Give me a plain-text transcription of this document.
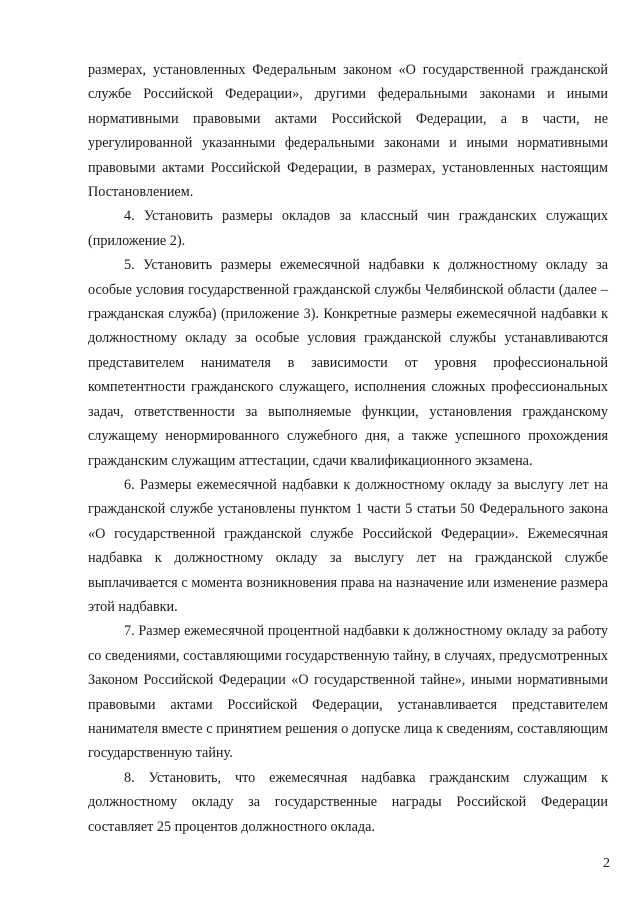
размерах, установленных Федеральным законом «О государственной гражданской службе Российской Федерации», другими федеральными законами и иными нормативными правовыми актами Российской Федерации, а в части, не урегулированной указанными федеральными законами и иными нормативными правовыми актами Российской Федерации, в размерах, установленных настоящим Постановлением.

4. Установить размеры окладов за классный чин гражданских служащих (приложение 2).

5. Установить размеры ежемесячной надбавки к должностному окладу за особые условия государственной гражданской службы Челябинской области (далее – гражданская служба) (приложение 3). Конкретные размеры ежемесячной надбавки к должностному окладу за особые условия гражданской службы устанавливаются представителем нанимателя в зависимости от уровня профессиональной компетентности гражданского служащего, исполнения сложных профессиональных задач, ответственности за выполняемые функции, установления гражданскому служащему ненормированного служебного дня, а также успешного прохождения гражданским служащим аттестации, сдачи квалификационного экзамена.

6. Размеры ежемесячной надбавки к должностному окладу за выслугу лет на гражданской службе установлены пунктом 1 части 5 статьи 50 Федерального закона «О государственной гражданской службе Российской Федерации». Ежемесячная надбавка к должностному окладу за выслугу лет на гражданской службе выплачивается с момента возникновения права на назначение или изменение размера этой надбавки.

7. Размер ежемесячной процентной надбавки к должностному окладу за работу со сведениями, составляющими государственную тайну, в случаях, предусмотренных Законом Российской Федерации «О государственной тайне», иными нормативными правовыми актами Российской Федерации, устанавливается представителем нанимателя вместе с принятием решения о допуске лица к сведениям, составляющим государственную тайну.

8. Установить, что ежемесячная надбавка гражданским служащим к должностному окладу за государственные награды Российской Федерации составляет 25 процентов должностного оклада.

2
